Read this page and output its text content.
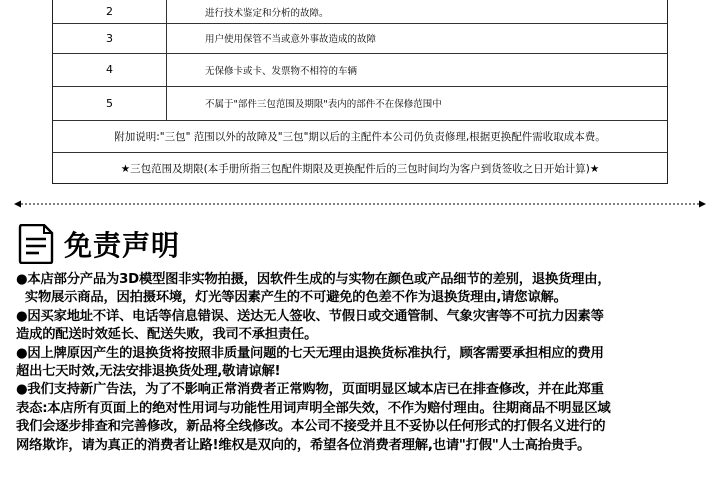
2	进行技术鉴定和分析的故障。
3	用户使用保管不当或意外事故造成的故障
4	无保修卡或卡、发票物不相符的车辆
5	不属于"部件三包范围及期限"表内的部件不在保修范围中
附加说明:"三包" 范围以外的故障及"三包"期以后的主配件本公司仍负责修理,根据更换配件需收取成本费。
★三包范围及期限(本手册所指三包配件期限及更换配件后的三包时间均为客户到货签收之日开始计算)★
免责声明

●本店部分产品为3D模型图非实物拍摄，因软件生成的与实物在颜色或产品细节的差别，退换货理由，

实物展示商品，因拍摄环境，灯光等因素产生的不可避免的色差不作为退换货理由,请您谅解。

●因买家地址不详、电话等信息错误、送达无人签收、节假日或交通管制、气象灾害等不可抗力因素等

造成的配送时效延长、配送失败，我司不承担责任。

●因上牌原因产生的退换货将按照非质量问题的七天无理由退换货标准执行，顾客需要承担相应的费用

超出七天时效,无法安排退换货处理,敬请谅解!

●我们支持新广告法，为了不影响正常消费者正常购物，页面明显区域本店已在排查修改，并在此郑重

表态:本店所有页面上的绝对性用词与功能性用词声明全部失效，不作为赔付理由。往期商品不明显区域

我们会逐步排查和完善修改，新品将全线修改。本公司不接受并且不妥协以任何形式的打假名义进行的

网络欺诈，请为真正的消费者让路!维权是双向的，希望各位消费者理解,也请"打假"人士高抬贵手。
